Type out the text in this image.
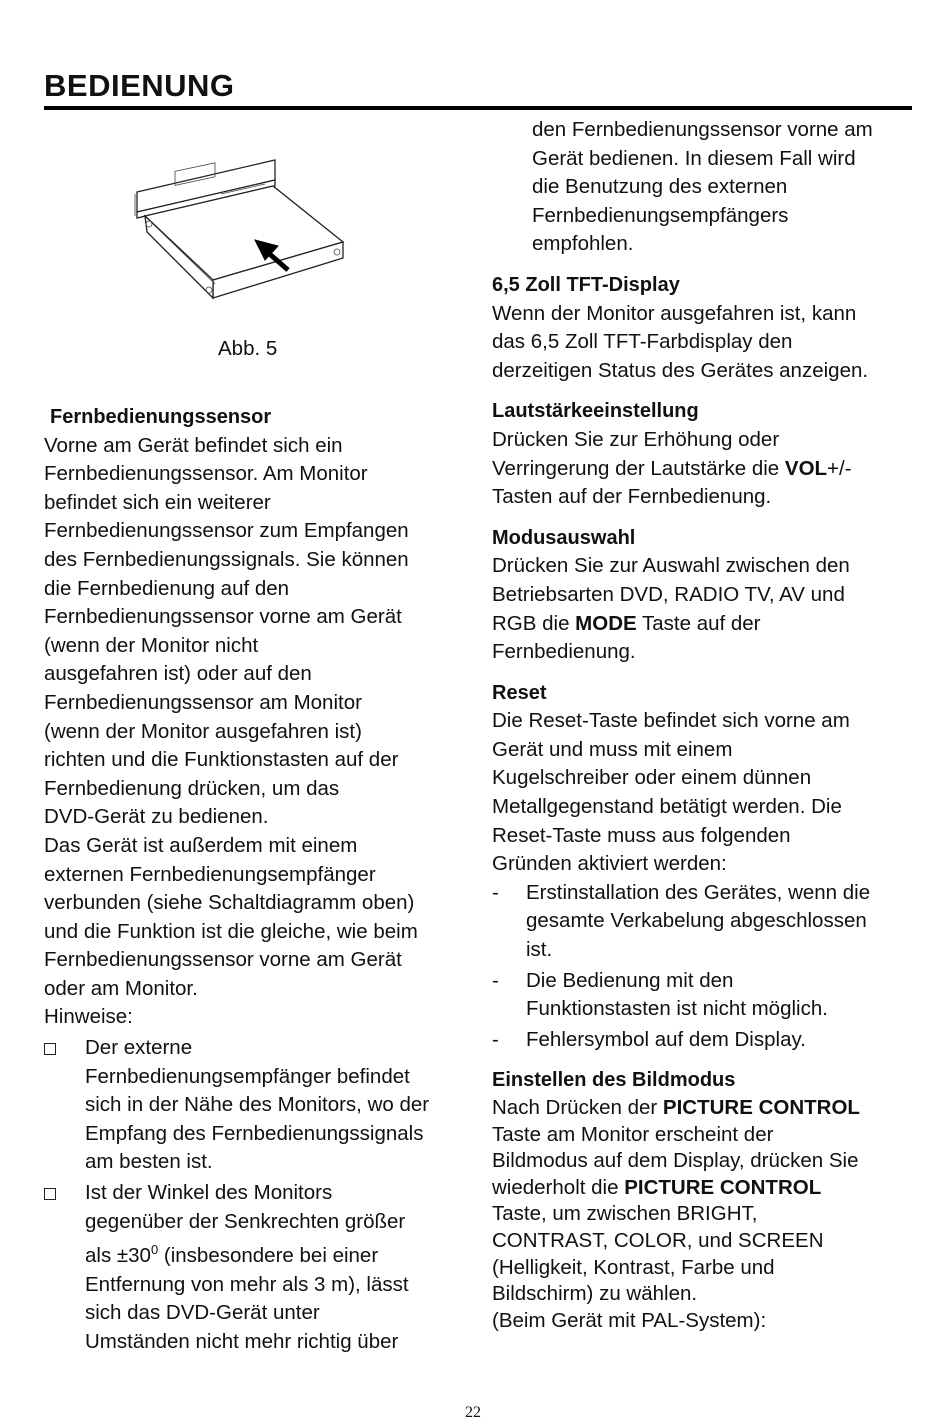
BEDIENUNG
Abb. 5
Fernbedienungssensor
Vorne am Gerät befindet sich ein
Fernbedienungssensor. Am Monitor
befindet sich ein weiterer
Fernbedienungssensor zum Empfangen
des Fernbedienungssignals. Sie können
die Fernbedienung auf den
Fernbedienungssensor vorne am Gerät
(wenn der Monitor nicht
ausgefahren ist) oder auf den
Fernbedienungssensor am Monitor
(wenn der Monitor ausgefahren ist)
richten und die Funktionstasten auf der
Fernbedienung drücken, um das
DVD-Gerät zu bedienen.
Das Gerät ist außerdem mit einem
externen Fernbedienungsempfänger
verbunden (siehe Schaltdiagramm oben)
und die Funktion ist die gleiche, wie beim
Fernbedienungssensor vorne am Gerät
oder am Monitor.
Hinweise:
Der externe
Fernbedienungsempfänger befindet
sich in der Nähe des Monitors, wo der
Empfang des Fernbedienungssignals
am besten ist.
Ist der Winkel des Monitors
gegenüber der Senkrechten größer
als $\pm 30^0$ (insbesondere bei einer
Entfernung von mehr als 3 m), lässt
sich das DVD-Gerät unter
Umständen nicht mehr richtig über
den Fernbedienungssensor vorne am
Gerät bedienen. In diesem Fall wird
die Benutzung des externen
Fernbedienungsempfängers
empfohlen.
6,5 Zoll TFT-Display
Wenn der Monitor ausgefahren ist, kann
das 6,5 Zoll TFT-Farbdisplay den
derzeitigen Status des Gerätes anzeigen.
Lautstärkeeinstellung
Drücken Sie zur Erhöhung oder
Verringerung der Lautstärke die VOL+/-
Tasten auf der Fernbedienung.
Modusauswahl
Drücken Sie zur Auswahl zwischen den
Betriebsarten DVD, RADIO TV, AV und
RGB die MODE Taste auf der
Fernbedienung.
Reset
Die Reset-Taste befindet sich vorne am
Gerät und muss mit einem
Kugelschreiber oder einem dünnen
Metallgegenstand betätigt werden. Die
Reset-Taste muss aus folgenden
Gründen aktiviert werden:
-	Erstinstallation des Gerätes, wenn die
gesamte Verkabelung abgeschlossen
ist.
-	Die Bedienung mit den
Funktionstasten ist nicht möglich.
-	Fehlersymbol auf dem Display.
Einstellen des Bildmodus
Nach Drücken der PICTURE CONTROL
Taste am Monitor erscheint der
Bildmodus auf dem Display, drücken Sie
wiederholt die PICTURE CONTROL
Taste, um zwischen BRIGHT,
CONTRAST, COLOR, und SCREEN
(Helligkeit, Kontrast, Farbe und
Bildschirm) zu wählen.
(Beim Gerät mit PAL-System):
22
